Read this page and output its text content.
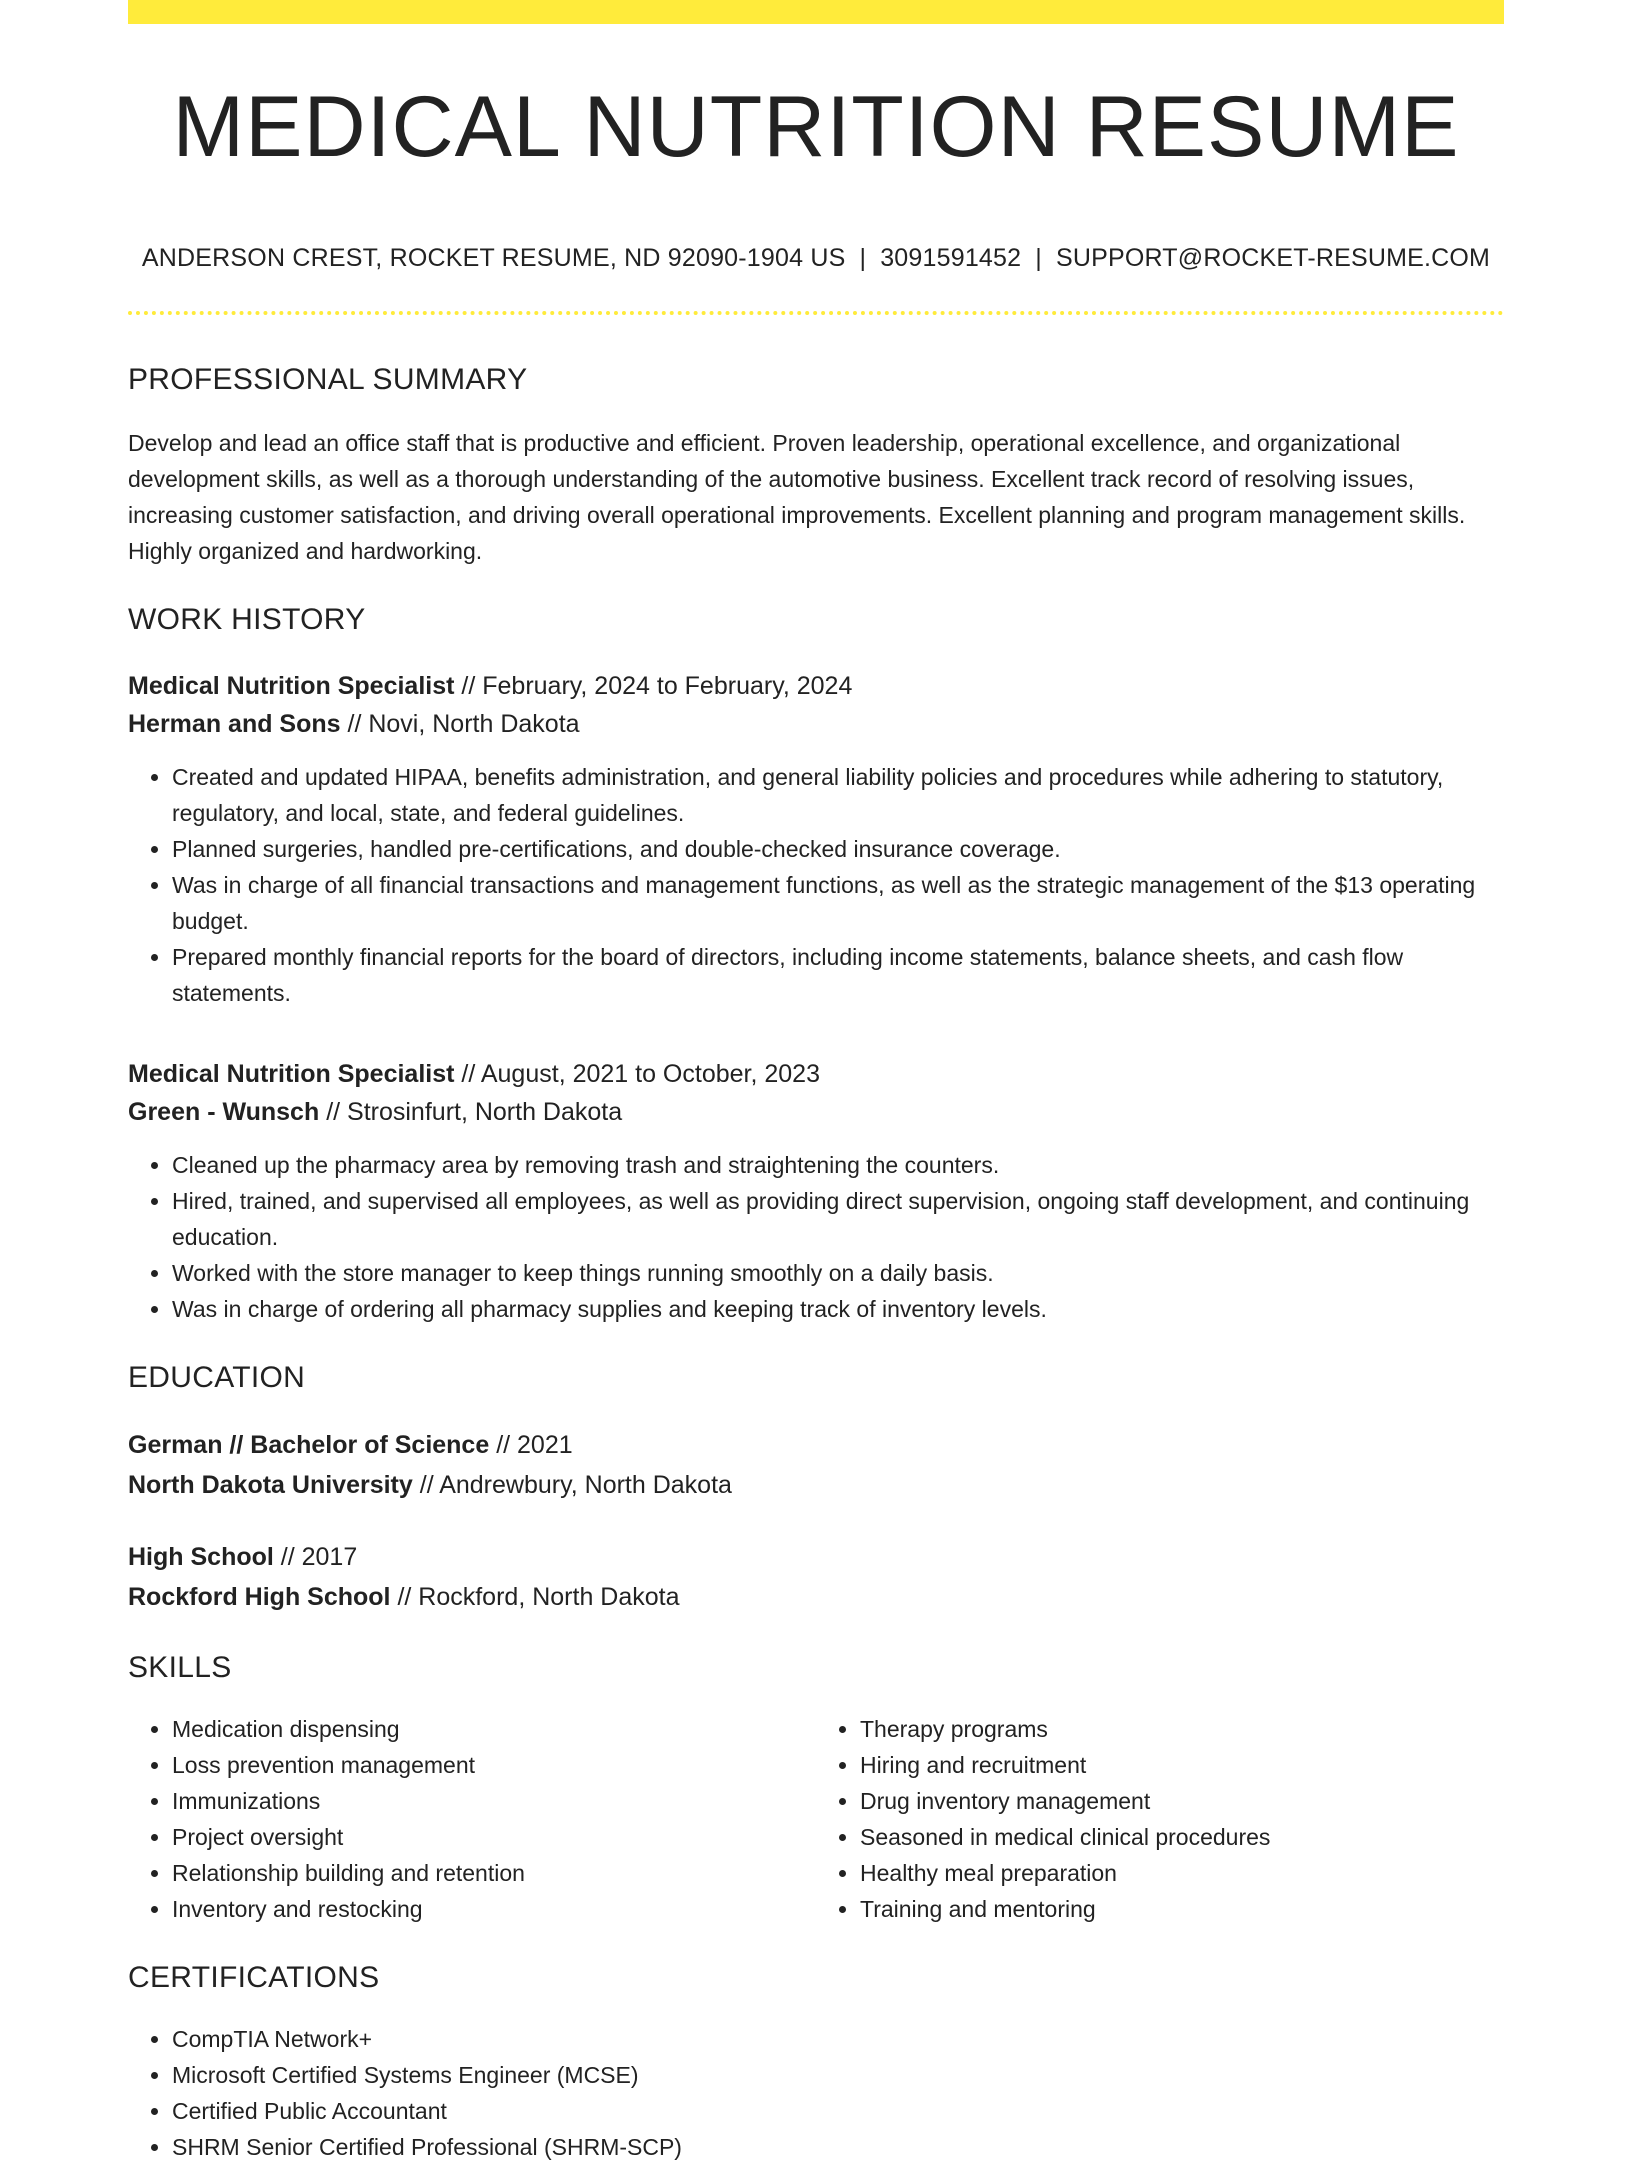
MEDICAL NUTRITION RESUME
ANDERSON CREST, ROCKET RESUME, ND 92090-1904 US | 3091591452 | SUPPORT@ROCKET-RESUME.COM
PROFESSIONAL SUMMARY

Develop and lead an office staff that is productive and efficient. Proven leadership, operational excellence, and organizational development skills, as well as a thorough understanding of the automotive business. Excellent track record of resolving issues, increasing customer satisfaction, and driving overall operational improvements. Excellent planning and program management skills. Highly organized and hardworking.

WORK HISTORY
Medical Nutrition Specialist // February, 2024 to February, 2024
Herman and Sons // Novi, North Dakota
• Created and updated HIPAA, benefits administration, and general liability policies and procedures while adhering to statutory, regulatory, and local, state, and federal guidelines.
• Planned surgeries, handled pre-certifications, and double-checked insurance coverage.
• Was in charge of all financial transactions and management functions, as well as the strategic management of the $13 operating budget.
• Prepared monthly financial reports for the board of directors, including income statements, balance sheets, and cash flow statements.
Medical Nutrition Specialist // August, 2021 to October, 2023
Green - Wunsch // Strosinfurt, North Dakota
• Cleaned up the pharmacy area by removing trash and straightening the counters.
• Hired, trained, and supervised all employees, as well as providing direct supervision, ongoing staff development, and continuing education.
• Worked with the store manager to keep things running smoothly on a daily basis.
• Was in charge of ordering all pharmacy supplies and keeping track of inventory levels.
EDUCATION
German // Bachelor of Science // 2021
North Dakota University // Andrewbury, North Dakota
High School // 2017
Rockford High School // Rockford, North Dakota
SKILLS
• Medication dispensing
• Loss prevention management
• Immunizations
• Project oversight
• Relationship building and retention
• Inventory and restocking
• Therapy programs
• Hiring and recruitment
• Drug inventory management
• Seasoned in medical clinical procedures
• Healthy meal preparation
• Training and mentoring
CERTIFICATIONS
• CompTIA Network+
• Microsoft Certified Systems Engineer (MCSE)
• Certified Public Accountant
• SHRM Senior Certified Professional (SHRM-SCP)
